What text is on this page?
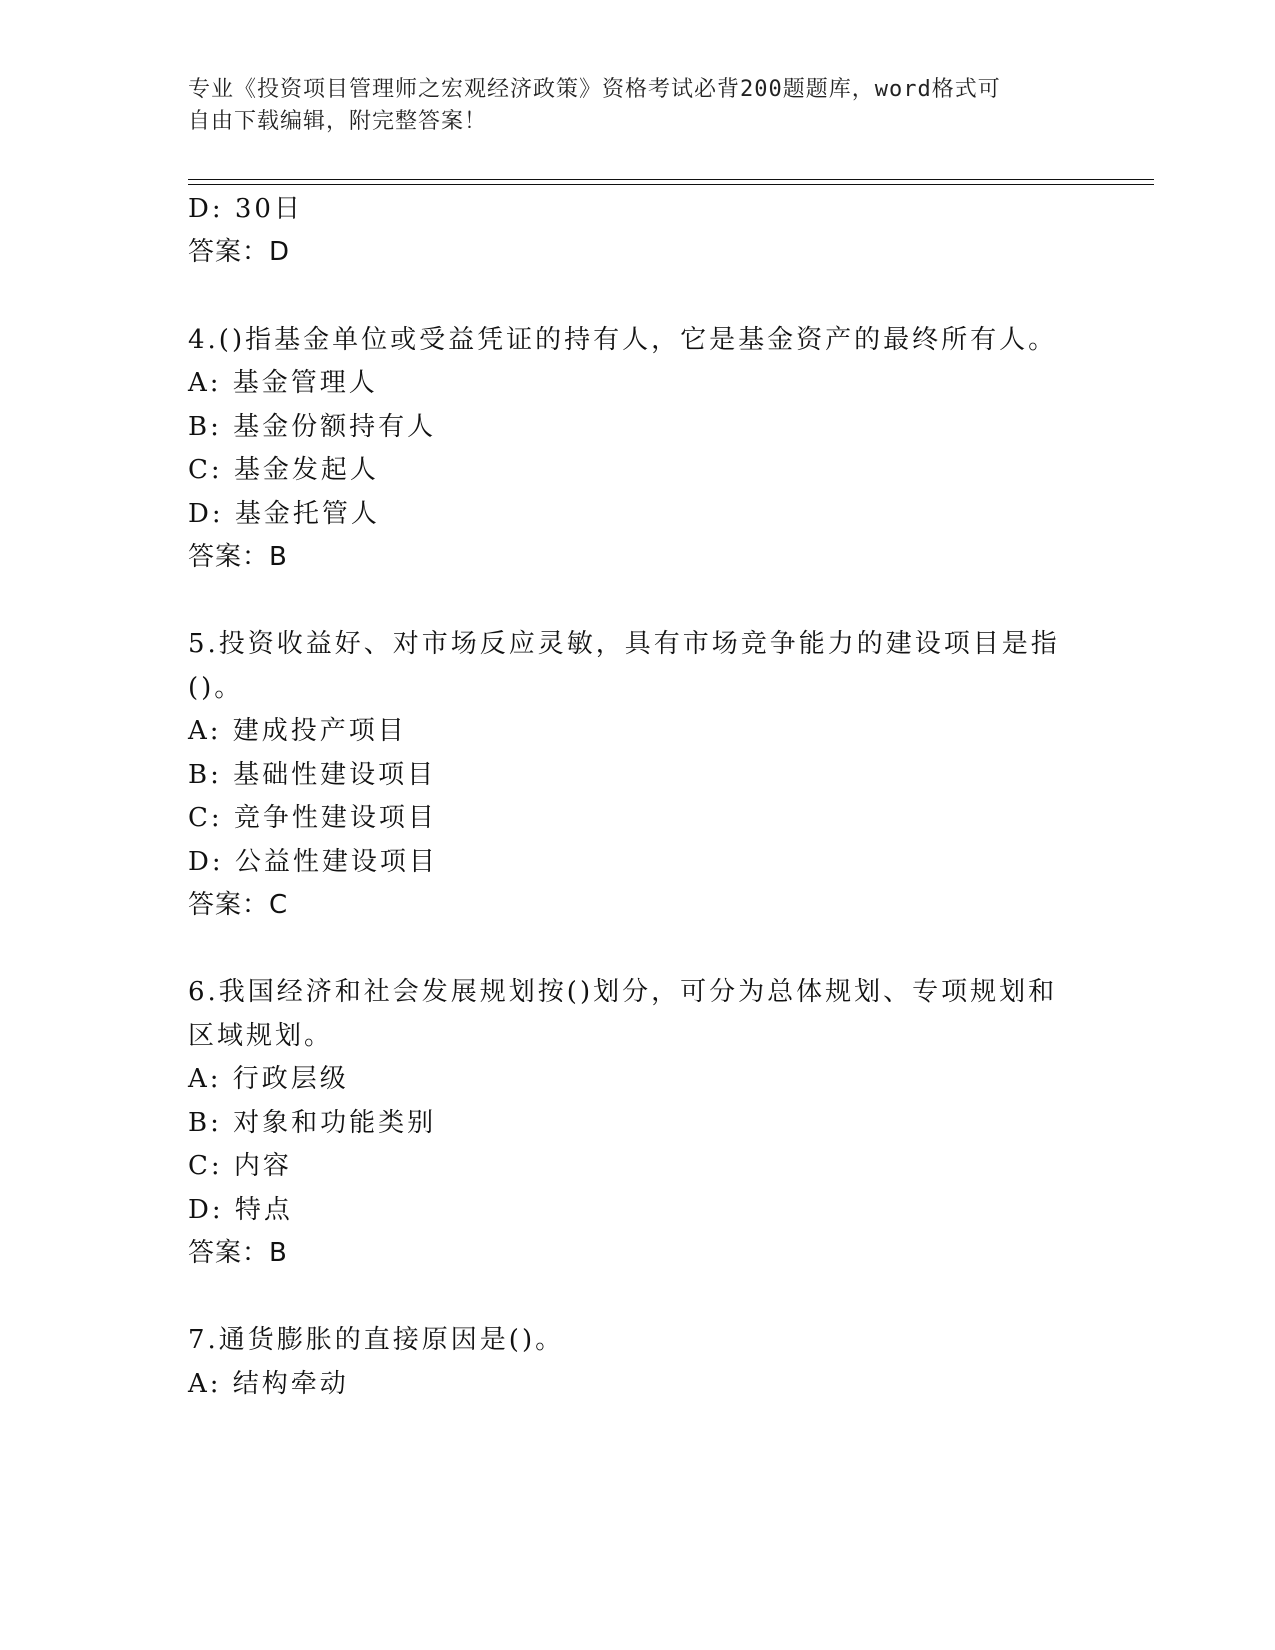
专业《投资项目管理师之宏观经济政策》资格考试必背200题题库，word格式可
自由下载编辑，附完整答案！
D: 30日
答案：D
4.()指基金单位或受益凭证的持有人，它是基金资产的最终所有人。
A: 基金管理人
B: 基金份额持有人
C: 基金发起人
D: 基金托管人
答案：B
5.投资收益好、对市场反应灵敏，具有市场竞争能力的建设项目是指
()。
A: 建成投产项目
B: 基础性建设项目
C: 竞争性建设项目
D: 公益性建设项目
答案：C
6.我国经济和社会发展规划按()划分，可分为总体规划、专项规划和
区域规划。
A: 行政层级
B: 对象和功能类别
C: 内容
D: 特点
答案：B
7.通货膨胀的直接原因是()。
A: 结构牵动
